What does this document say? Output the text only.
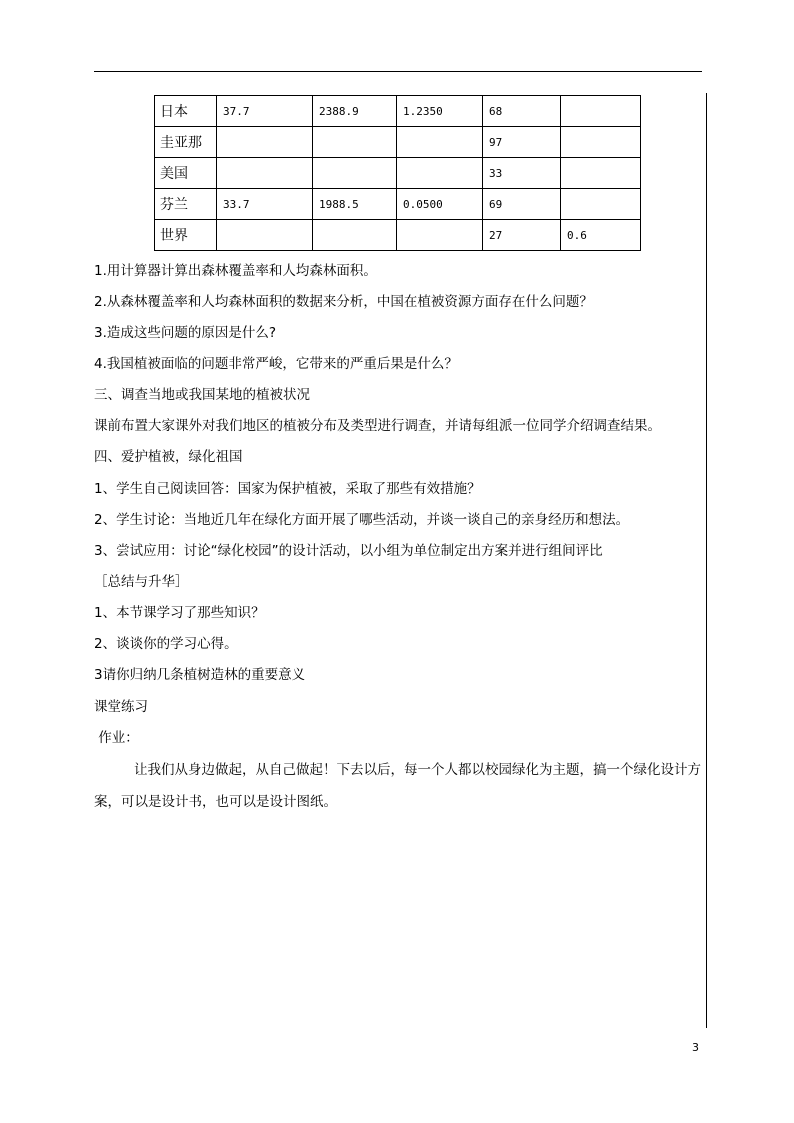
日本	37.7	2388.9	1.2350	68	
圭亚那				97	
美国				33	
芬兰	33.7	1988.5	0.0500	69	
世界				27	0.6
1.用计算器计算出森林覆盖率和人均森林面积。
2.从森林覆盖率和人均森林面积的数据来分析，中国在植被资源方面存在什么问题？
3.造成这些问题的原因是什么?
4.我国植被面临的问题非常严峻，它带来的严重后果是什么？
三、调查当地或我国某地的植被状况
课前布置大家课外对我们地区的植被分布及类型进行调查，并请每组派一位同学介绍调查结果。
四、爱护植被，绿化祖国
1、学生自己阅读回答：国家为保护植被，采取了那些有效措施？
2、学生讨论：当地近几年在绿化方面开展了哪些活动，并谈一谈自己的亲身经历和想法。
3、尝试应用：讨论“绿化校园”的设计活动，以小组为单位制定出方案并进行组间评比
［总结与升华］
1、本节课学习了那些知识？
2、谈谈你的学习心得。
3请你归纳几条植树造林的重要意义
课堂练习
作业：
让我们从身边做起，从自己做起！下去以后，每一个人都以校园绿化为主题，搞一个绿化设计方案，可以是设计书，也可以是设计图纸。
3
